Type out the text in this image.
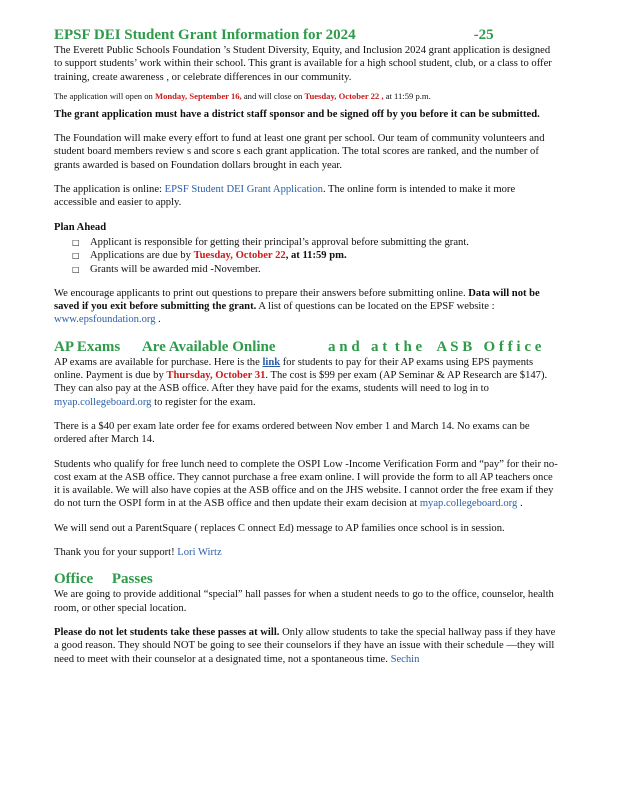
EPSF DEI Student Grant Information for 2024	-25

The Everett Public Schools Foundation ’s Student Diversity, Equity, and Inclusion 2024 grant application is designed to support students’ work within their school. This grant is available for a high school student, club, or a class to offer training, create awareness , or celebrate differences in our community.

The application will open on Monday, September 16, and will close on Tuesday, October 22 , at 11:59 p.m.

The grant application must have a district staff sponsor and be signed off by you before it can be submitted.

The Foundation will make every effort to fund at least one grant per school. Our team of community volunteers and student board members review s and score s each grant application. The total scores are ranked, and the number of grants awarded is based on Foundation dollars brought in each year.

The application is online: EPSF Student DEI Grant Application. The online form is intended to make it more accessible and easier to apply.

Plan Ahead

□ Applicant is responsible for getting their principal’s approval before submitting the grant.
□ Applications are due by Tuesday, October 22, at 11:59 pm.
□ Grants will be awarded mid -November.

We encourage applicants to print out questions to prepare their answers before submitting online. Data will not be saved if you exit before submitting the grant. A list of questions can be located on the EPSF website : www.epsfoundation.org .

AP Exams      Are Available Online              a n d   a t  t h e    A S B   O f f i c e

AP exams are available for purchase. Here is the link for students to pay for their AP exams using EPS payments online. Payment is due by Thursday, October 31. The cost is $99 per exam (AP Seminar & AP Research are $147). They can also pay at the ASB office. After they have paid for the exams, students will need to log in to myap.collegeboard.org to register for the exam.

There is a $40 per exam late order fee for exams ordered between Nov ember 1 and March 14. No exams can be ordered after March 14.

Students who qualify for free lunch need to complete the OSPI Low -Income Verification Form and “pay” for their no-cost exam at the ASB office. They cannot purchase a free exam online. I will provide the form to all AP teachers once it is available. We will also have copies at the ASB office and on the JHS website. I cannot order the free exam if they do not turn the OSPI form in at the ASB office and then update their exam decision at myap.collegeboard.org .

We will send out a ParentSquare ( replaces C onnect Ed) message to AP families once school is in session.

Thank you for your support! Lori Wirtz

Office     Passes

We are going to provide additional “special” hall passes for when a student needs to go to the office, counselor, health room, or other special location.

Please do not let students take these passes at will. Only allow students to take the special hallway pass if they have a good reason. They should NOT be going to see their counselors if they have an issue with their schedule —they will need to meet with their counselor at a designated time, not a spontaneous time. Sechin
